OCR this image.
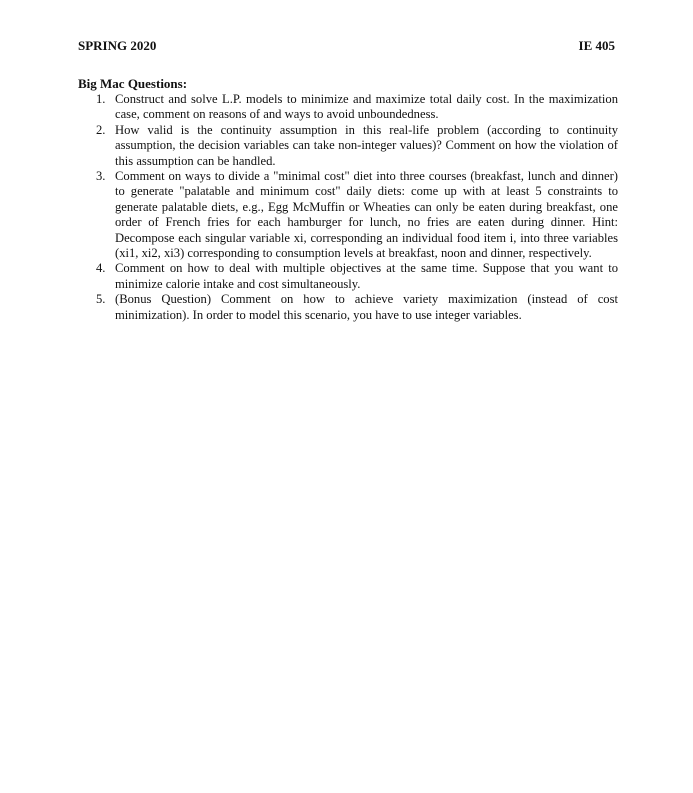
SPRING 2020	IE 405
Big Mac Questions:
1. Construct and solve L.P. models to minimize and maximize total daily cost. In the maximization case, comment on reasons of and ways to avoid unboundedness.
2. How valid is the continuity assumption in this real-life problem (according to continuity assumption, the decision variables can take non-integer values)? Comment on how the violation of this assumption can be handled.
3. Comment on ways to divide a "minimal cost" diet into three courses (breakfast, lunch and dinner) to generate "palatable and minimum cost" daily diets: come up with at least 5 constraints to generate palatable diets, e.g., Egg McMuffin or Wheaties can only be eaten during breakfast, one order of French fries for each hamburger for lunch, no fries are eaten during dinner. Hint: Decompose each singular variable xi, corresponding an individual food item i, into three variables (xi1, xi2, xi3) corresponding to consumption levels at breakfast, noon and dinner, respectively.
4. Comment on how to deal with multiple objectives at the same time. Suppose that you want to minimize calorie intake and cost simultaneously.
5. (Bonus Question) Comment on how to achieve variety maximization (instead of cost minimization). In order to model this scenario, you have to use integer variables.
